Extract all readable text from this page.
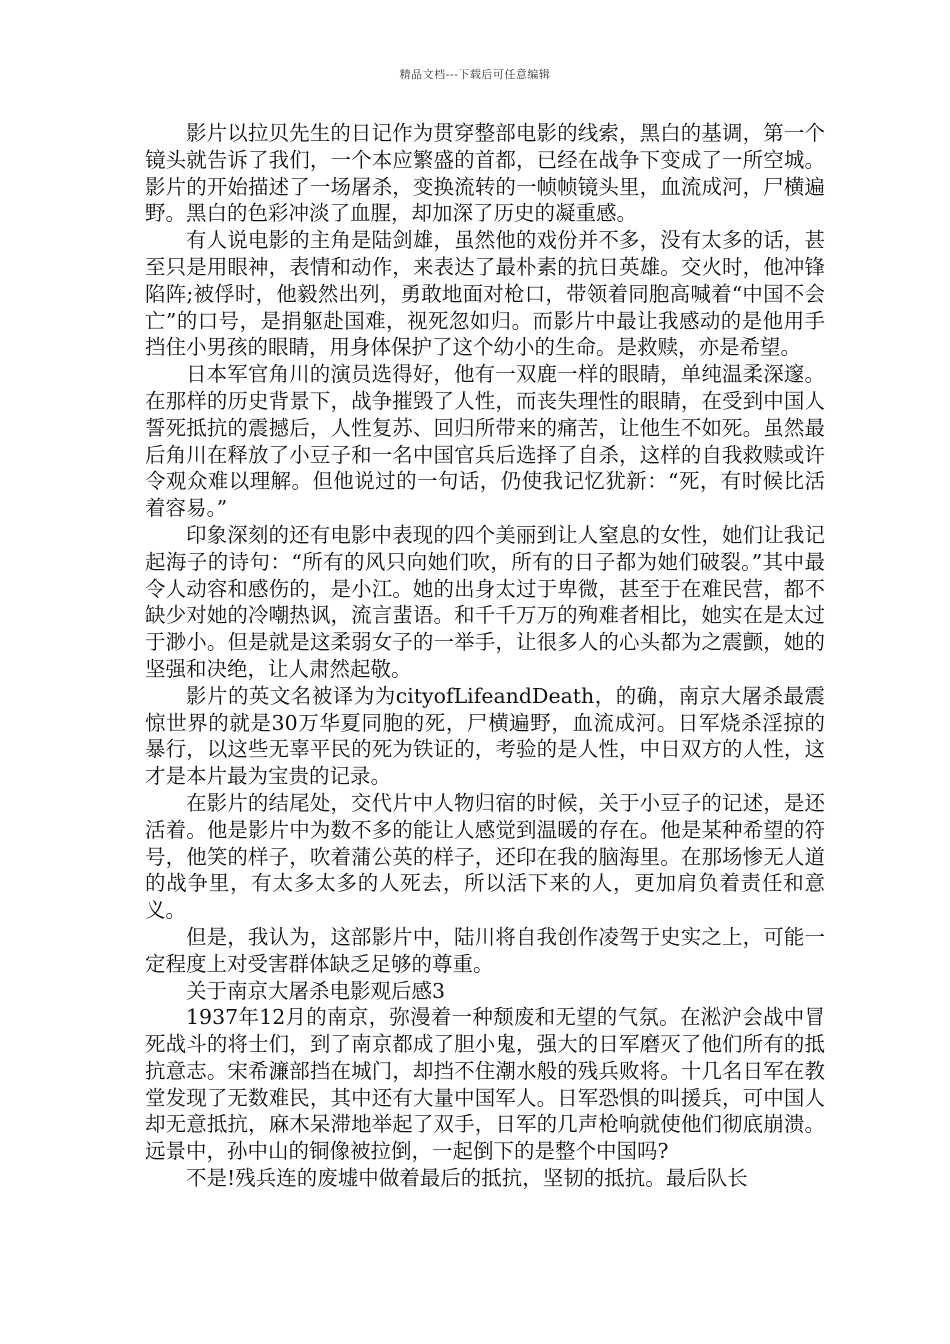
精品文档---下载后可任意编辑

影片以拉贝先生的日记作为贯穿整部电影的线索，黑白的基调，第一个镜头就告诉了我们，一个本应繁盛的首都，已经在战争下变成了一所空城。影片的开始描述了一场屠杀，变换流转的一帧帧镜头里，血流成河，尸横遍野。黑白的色彩冲淡了血腥，却加深了历史的凝重感。

有人说电影的主角是陆剑雄，虽然他的戏份并不多，没有太多的话，甚至只是用眼神，表情和动作，来表达了最朴素的抗日英雄。交火时，他冲锋陷阵;被俘时，他毅然出列，勇敢地面对枪口，带领着同胞高喊着“中国不会亡”的口号，是捐躯赴国难，视死忽如归。而影片中最让我感动的是他用手挡住小男孩的眼睛，用身体保护了这个幼小的生命。是救赎，亦是希望。

日本军官角川的演员选得好，他有一双鹿一样的眼睛，单纯温柔深邃。在那样的历史背景下，战争摧毁了人性，而丧失理性的眼睛，在受到中国人誓死抵抗的震撼后，人性复苏、回归所带来的痛苦，让他生不如死。虽然最后角川在释放了小豆子和一名中国官兵后选择了自杀，这样的自我救赎或许令观众难以理解。但他说过的一句话，仍使我记忆犹新：“死，有时候比活着容易。”

印象深刻的还有电影中表现的四个美丽到让人窒息的女性，她们让我记起海子的诗句：“所有的风只向她们吹，所有的日子都为她们破裂。”其中最令人动容和感伤的，是小江。她的出身太过于卑微，甚至于在难民营，都不缺少对她的冷嘲热讽，流言蜚语。和千千万万的殉难者相比，她实在是太过于渺小。但是就是这柔弱女子的一举手，让很多人的心头都为之震颤，她的坚强和决绝，让人肃然起敬。

影片的英文名被译为为cityofLifeandDeath，的确，南京大屠杀最震惊世界的就是30万华夏同胞的死，尸横遍野，血流成河。日军烧杀淫掠的暴行，以这些无辜平民的死为铁证的，考验的是人性，中日双方的人性，这才是本片最为宝贵的记录。

在影片的结尾处，交代片中人物归宿的时候，关于小豆子的记述，是还活着。他是影片中为数不多的能让人感觉到温暖的存在。他是某种希望的符号，他笑的样子，吹着蒲公英的样子，还印在我的脑海里。在那场惨无人道的战争里，有太多太多的人死去，所以活下来的人，更加肩负着责任和意义。

但是，我认为，这部影片中，陆川将自我创作凌驾于史实之上，可能一定程度上对受害群体缺乏足够的尊重。

关于南京大屠杀电影观后感3

1937年12月的南京，弥漫着一种颓废和无望的气氛。在淞沪会战中冒死战斗的将士们，到了南京都成了胆小鬼，强大的日军磨灭了他们所有的抵抗意志。宋希濂部挡在城门，却挡不住潮水般的残兵败将。十几名日军在教堂发现了无数难民，其中还有大量中国军人。日军恐惧的叫援兵，可中国人却无意抵抗，麻木呆滞地举起了双手，日军的几声枪响就使他们彻底崩溃。远景中，孙中山的铜像被拉倒，一起倒下的是整个中国吗?

不是!残兵连的废墟中做着最后的抵抗，坚韧的抵抗。最后队长
